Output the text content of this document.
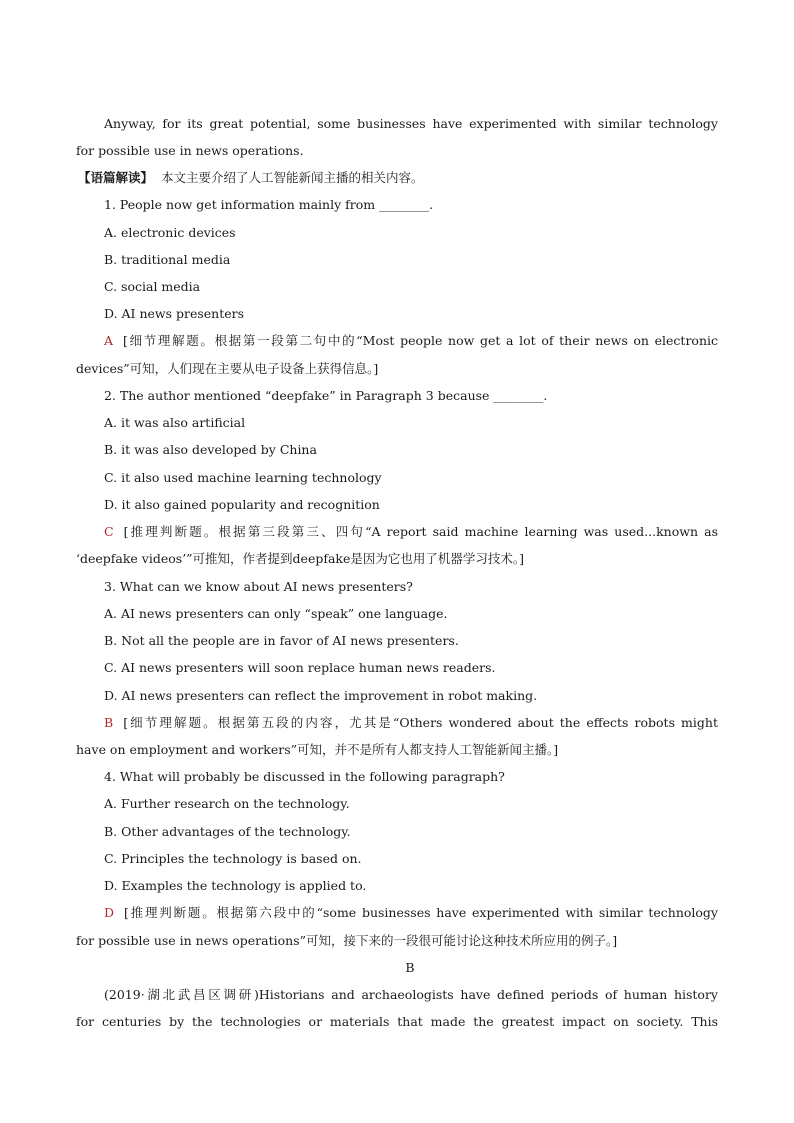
Anyway, for its great potential, some businesses have experimented with similar technology
for possible use in news operations.
【语篇解读】 本文主要介绍了人工智能新闻主播的相关内容。
1. People now get information mainly from ________.
A. electronic devices
B. traditional media
C. social media
D. AI news presenters
A [细节理解题。根据第一段第二句中的“Most people now get a lot of their news on electronic
devices”可知，人们现在主要从电子设备上获得信息。]
2. The author mentioned “deepfake” in Paragraph 3 because ________.
A. it was also artificial
B. it was also developed by China
C. it also used machine learning technology
D. it also gained popularity and recognition
C [推理判断题。根据第三段第三、四句“A report said machine learning was used...known as
‘deepfake videos’”可推知，作者提到deepfake是因为它也用了机器学习技术。]
3. What can we know about AI news presenters?
A. AI news presenters can only “speak” one language.
B. Not all the people are in favor of AI news presenters.
C. AI news presenters will soon replace human news readers.
D. AI news presenters can reflect the improvement in robot making.
B [细节理解题。根据第五段的内容，尤其是“Others wondered about the effects robots might
have on employment and workers”可知，并不是所有人都支持人工智能新闻主播。]
4. What will probably be discussed in the following paragraph?
A. Further research on the technology.
B. Other advantages of the technology.
C. Principles the technology is based on.
D. Examples the technology is applied to.
D [推理判断题。根据第六段中的“some businesses have experimented with similar technology
for possible use in news operations”可知，接下来的一段很可能讨论这种技术所应用的例子。]
B
(2019·湖北武昌区调研)Historians and archaeologists have defined periods of human history
for centuries by the technologies or materials that made the greatest impact on society. This
